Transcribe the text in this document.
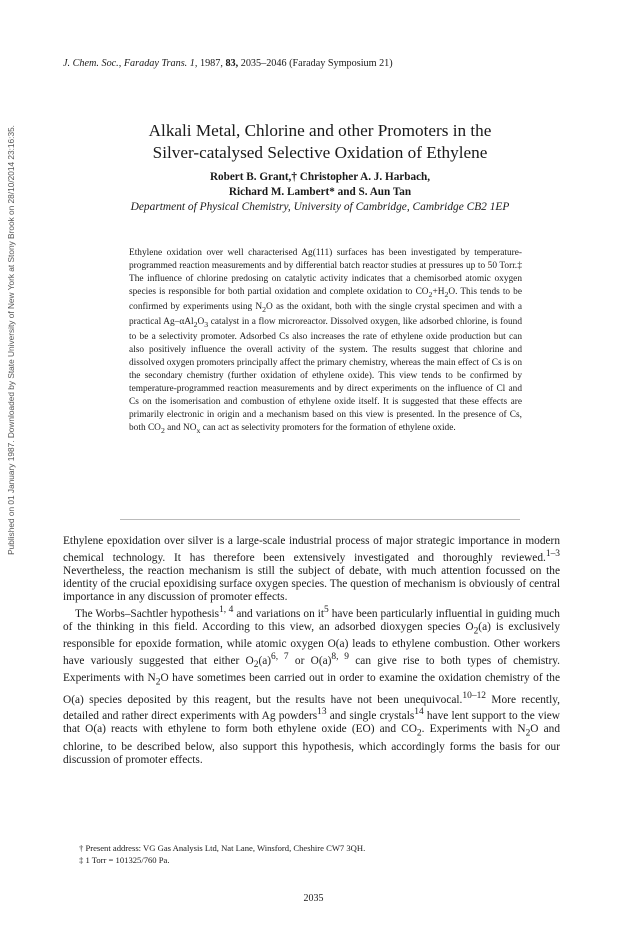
Published on 01 January 1987. Downloaded by State University of New York at Stony Brook on 28/10/2014 23:16:35.
J. Chem. Soc., Faraday Trans. 1, 1987, 83, 2035–2046 (Faraday Symposium 21)
Alkali Metal, Chlorine and other Promoters in the
Silver-catalysed Selective Oxidation of Ethylene
Robert B. Grant,† Christopher A. J. Harbach,
Richard M. Lambert* and S. Aun Tan
Department of Physical Chemistry, University of Cambridge, Cambridge CB2 1EP
Ethylene oxidation over well characterised Ag(111) surfaces has been investigated by temperature-programmed reaction measurements and by differential batch reactor studies at pressures up to 50 Torr.‡ The influence of chlorine predosing on catalytic activity indicates that a chemisorbed atomic oxygen species is responsible for both partial oxidation and complete oxidation to $CO_2+H_2O$. This tends to be confirmed by experiments using $N_2O$ as the oxidant, both with the single crystal specimen and with a practical $Ag-\alpha Al_2O_3$ catalyst in a flow microreactor. Dissolved oxygen, like adsorbed chlorine, is found to be a selectivity promoter. Adsorbed Cs also increases the rate of ethylene oxide production but can also positively influence the overall activity of the system. The results suggest that chlorine and dissolved oxygen promoters principally affect the primary chemistry, whereas the main effect of Cs is on the secondary chemistry (further oxidation of ethylene oxide). This view tends to be confirmed by temperature-programmed reaction measurements and by direct experiments on the influence of Cl and Cs on the isomerisation and combustion of ethylene oxide itself. It is suggested that these effects are primarily electronic in origin and a mechanism based on this view is presented. In the presence of Cs, both $CO_2$ and $NO_x$ can act as selectivity promoters for the formation of ethylene oxide.

Ethylene epoxidation over silver is a large-scale industrial process of major strategic importance in modern chemical technology. It has therefore been extensively investigated and thoroughly reviewed.$^{1-3}$ Nevertheless, the reaction mechanism is still the subject of debate, with much attention focussed on the identity of the crucial epoxidising surface oxygen species. The question of mechanism is obviously of central importance in any discussion of promoter effects.

The Worbs–Sachtler hypothesis$^{1, 4}$ and variations on $it^5$ have been particularly influential in guiding much of the thinking in this field. According to this view, an adsorbed dioxygen species $O_2(a)$ is exclusively responsible for epoxide formation, while atomic oxygen O(a) leads to ethylene combustion. Other workers have variously suggested that either $O_2(a)^{6, 7}$ or $O(a)^{8, 9}$ can give rise to both types of chemistry. Experiments with $N_2O$ have sometimes been carried out in order to examine the oxidation chemistry of the O(a) species deposited by this reagent, but the results have not been unequivocal.$^{10-12}$ More recently, detailed and rather direct experiments with Ag powders$^{13}$ and single crystals$^{14}$ have lent support to the view that O(a) reacts with ethylene to form both ethylene oxide (EO) and $CO_2$. Experiments with $N_2O$ and chlorine, to be described below, also support this hypothesis, which accordingly forms the basis for our discussion of promoter effects.

† Present address: VG Gas Analysis Ltd, Nat Lane, Winsford, Cheshire CW7 3QH.
‡ 1 Torr = 101325/760 Pa.
2035
